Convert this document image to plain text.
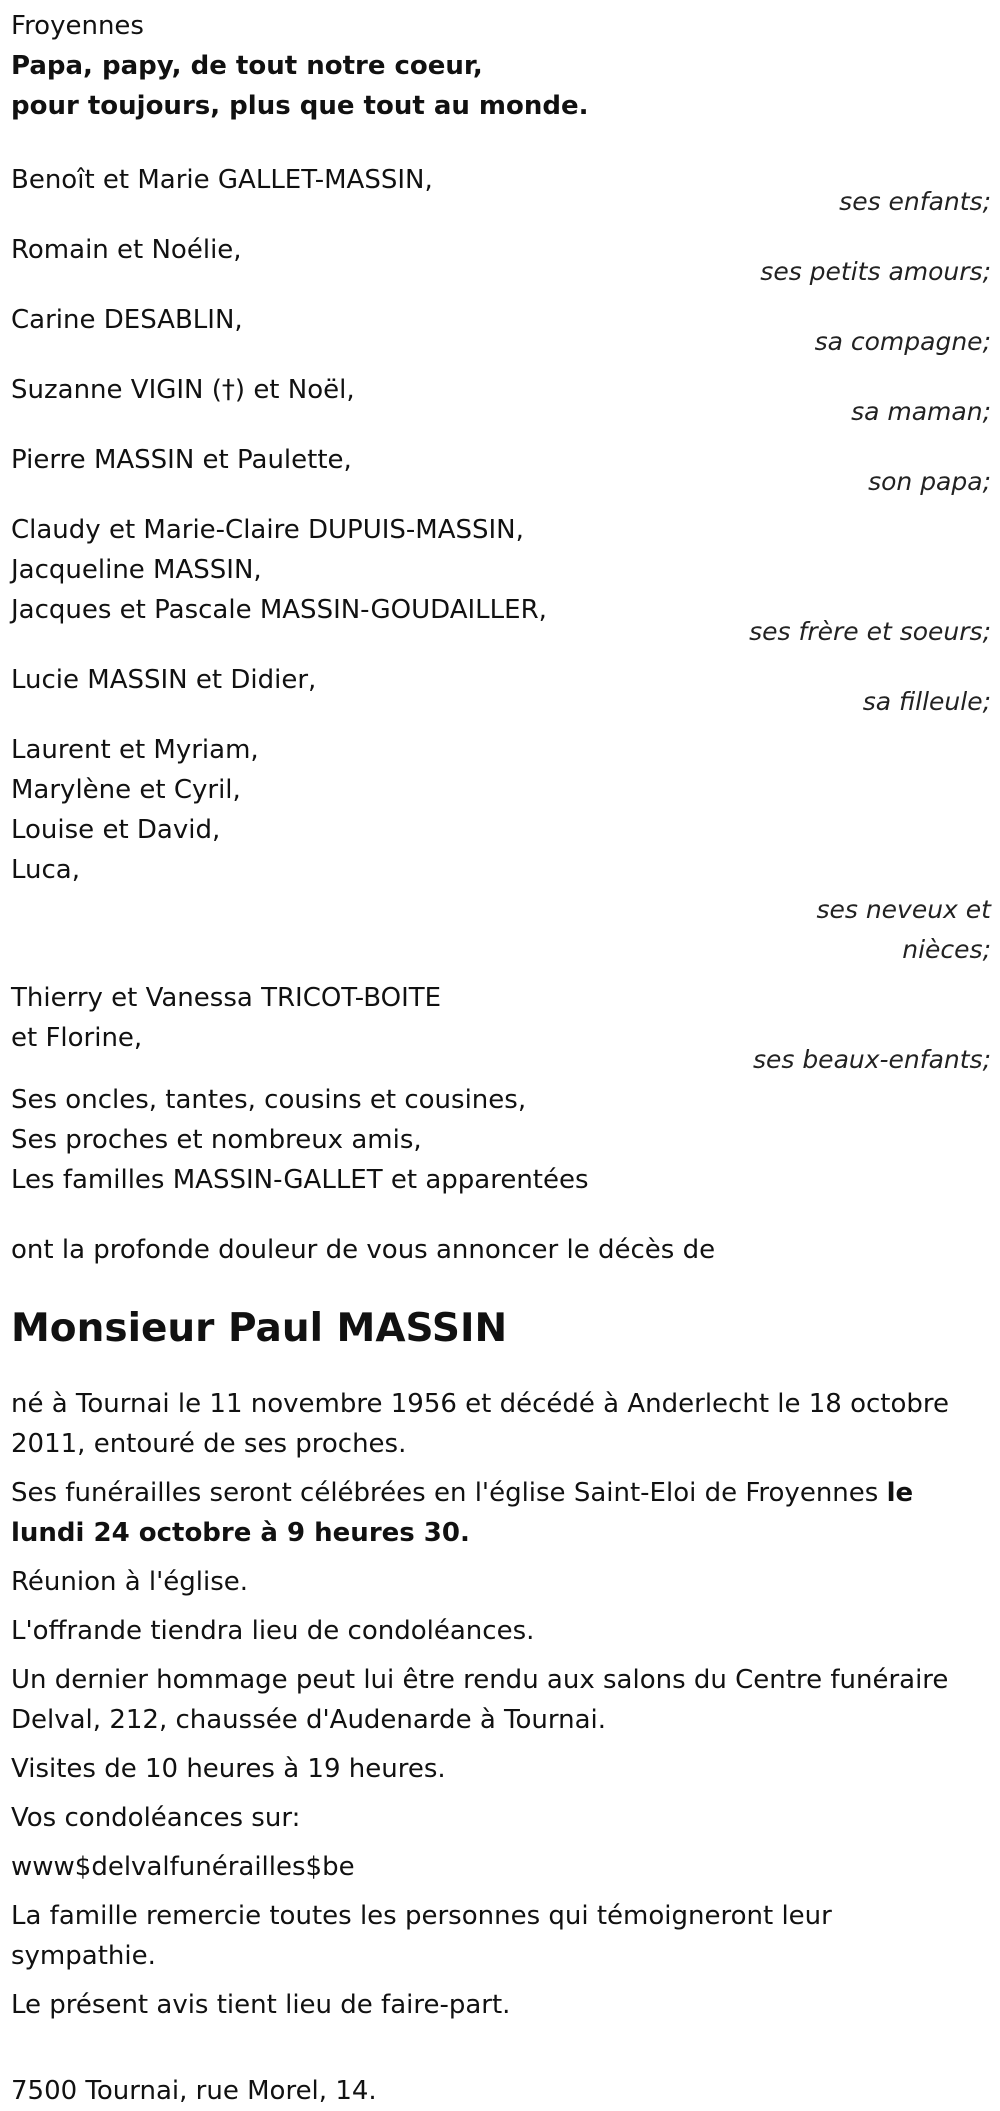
Froyennes
Papa, papy, de tout notre coeur,
pour toujours, plus que tout au monde.
Benoît et Marie GALLET-MASSIN,
ses enfants;
Romain et Noélie,
ses petits amours;
Carine DESABLIN,
sa compagne;
Suzanne VIGIN (†) et Noël,
sa maman;
Pierre MASSIN et Paulette,
son papa;
Claudy et Marie-Claire DUPUIS-MASSIN,
Jacqueline MASSIN,
Jacques et Pascale MASSIN-GOUDAILLER,
ses frère et soeurs;
Lucie MASSIN et Didier,
sa filleule;
Laurent et Myriam,
Marylène et Cyril,
Louise et David,
Luca,
ses neveux et nièces;
Thierry et Vanessa TRICOT-BOITE
et Florine,
ses beaux-enfants;
Ses oncles, tantes, cousins et cousines,
Ses proches et nombreux amis,
Les familles MASSIN-GALLET et apparentées
ont la profonde douleur de vous annoncer le décès de
Monsieur Paul MASSIN
né à Tournai le 11 novembre 1956 et décédé à Anderlecht le 18 octobre 2011, entouré de ses proches.
Ses funérailles seront célébrées en l'église Saint-Eloi de Froyennes le lundi 24 octobre à 9 heures 30.
Réunion à l'église.
L'offrande tiendra lieu de condoléances.
Un dernier hommage peut lui être rendu aux salons du Centre funéraire Delval, 212, chaussée d'Audenarde à Tournai.
Visites de 10 heures à 19 heures.
Vos condoléances sur:
www$delvalfunérailles$be
La famille remercie toutes les personnes qui témoigneront leur sympathie.
Le présent avis tient lieu de faire-part.
7500 Tournai, rue Morel, 14.
